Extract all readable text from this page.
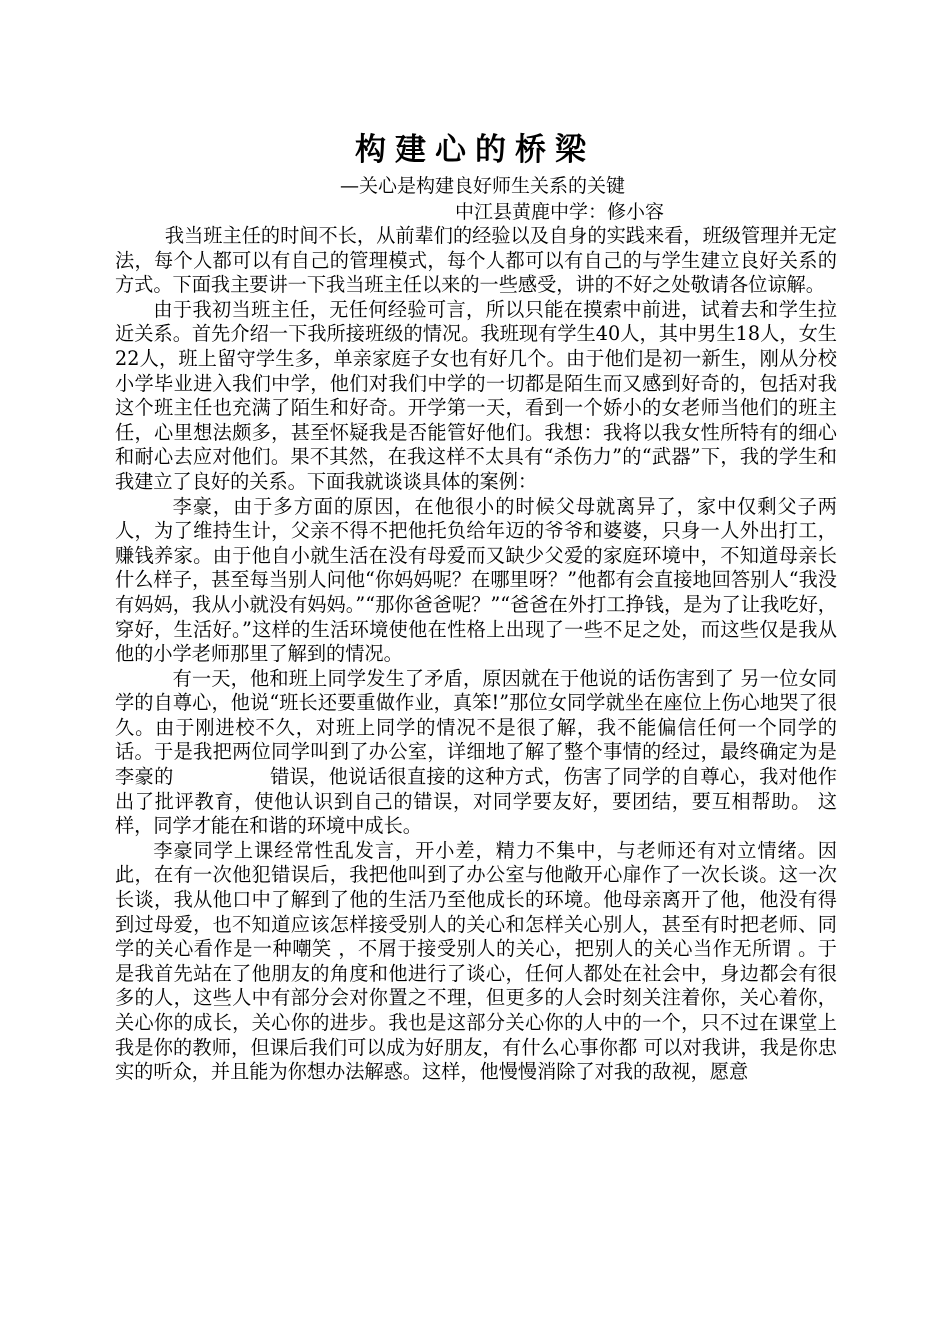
构建心的桥梁
—关心是构建良好师生关系的关键
中江县黄鹿中学：修小容

我当班主任的时间不长，从前辈们的经验以及自身的实践来看，班级管理并无定法，每个人都可以有自己的管理模式，每个人都可以有自己的与学生建立良好关系的方式。下面我主要讲一下我当班主任以来的一些感受，讲的不好之处敬请各位谅解。

由于我初当班主任，无任何经验可言，所以只能在摸索中前进，试着去和学生拉近关系。首先介绍一下我所接班级的情况。我班现有学生40人，其中男生18人，女生22人，班上留守学生多，单亲家庭子女也有好几个。由于他们是初一新生，刚从分校小学毕业进入我们中学，他们对我们中学的一切都是陌生而又感到好奇的，包括对我这个班主任也充满了陌生和好奇。开学第一天，看到一个娇小的女老师当他们的班主任，心里想法颇多，甚至怀疑我是否能管好他们。我想：我将以我女性所特有的细心和耐心去应对他们。果不其然，在我这样不太具有“杀伤力”的“武器”下，我的学生和我建立了良好的关系。下面我就谈谈具体的案例：

李豪，由于多方面的原因，在他很小的时候父母就离异了，家中仅剩父子两人，为了维持生计，父亲不得不把他托负给年迈的爷爷和婆婆，只身一人外出打工，赚钱养家。由于他自小就生活在没有母爱而又缺少父爱的家庭环境中，不知道母亲长什么样子，甚至每当别人问他“你妈妈呢？在哪里呀？”他都有会直接地回答别人“我没有妈妈，我从小就没有妈妈。”“那你爸爸呢？”“爸爸在外打工挣钱，是为了让我吃好，穿好，生活好。”这样的生活环境使他在性格上出现了一些不足之处，而这些仅是我从他的小学老师那里了解到的情况。

有一天，他和班上同学发生了矛盾，原因就在于他说的话伤害到了 另一位女同学的自尊心，他说“班长还要重做作业，真笨!”那位女同学就坐在座位上伤心地哭了很久。由于刚进校不久，对班上同学的情况不是很了解，我不能偏信任何一个同学的话。于是我把两位同学叫到了办公室，详细地了解了整个事情的经过，最终确定为是李豪的	错误，他说话很直接的这种方式，伤害了同学的自尊心，我对他作出了批评教育，使他认识到自己的错误，对同学要友好，要团结，要互相帮助。 这样，同学才能在和谐的环境中成长。

李豪同学上课经常性乱发言，开小差，精力不集中，与老师还有对立情绪。因此，在有一次他犯错误后，我把他叫到了办公室与他敞开心扉作了一次长谈。这一次长谈，我从他口中了解到了他的生活乃至他成长的环境。他母亲离开了他，他没有得到过母爱，也不知道应该怎样接受别人的关心和怎样关心别人，甚至有时把老师、同学的关心看作是一种嘲笑 ，不屑于接受别人的关心，把别人的关心当作无所谓 。于是我首先站在了他朋友的角度和他进行了谈心，任何人都处在社会中，身边都会有很多的人，这些人中有部分会对你置之不理，但更多的人会时刻关注着你，关心着你，关心你的成长，关心你的进步。我也是这部分关心你的人中的一个，只不过在课堂上我是你的教师，但课后我们可以成为好朋友，有什么心事你都 可以对我讲，我是你忠实的听众，并且能为你想办法解惑。这样，他慢慢消除了对我的敌视，愿意
